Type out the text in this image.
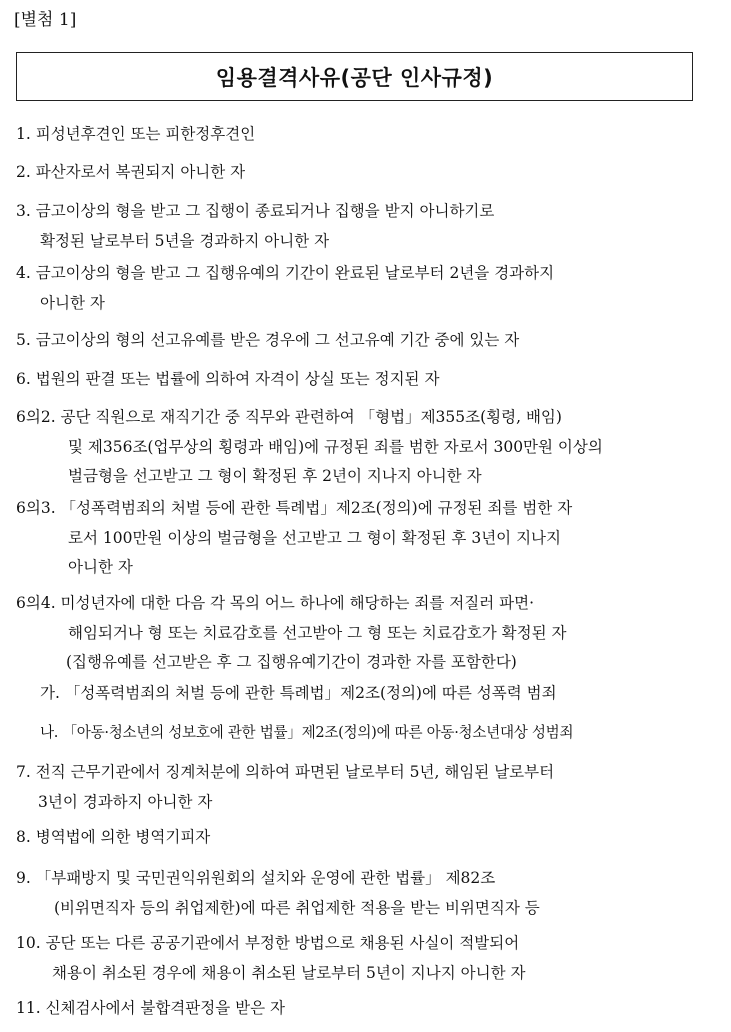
[별첨 1]
임용결격사유(공단 인사규정)
1. 피성년후견인 또는 피한정후견인
2. 파산자로서 복권되지 아니한 자
3. 금고이상의 형을 받고 그 집행이 종료되거나 집행을 받지 아니하기로
확정된 날로부터 5년을 경과하지 아니한 자
4. 금고이상의 형을 받고 그 집행유예의 기간이 완료된 날로부터 2년을 경과하지
아니한 자
5. 금고이상의 형의 선고유예를 받은 경우에 그 선고유예 기간 중에 있는 자
6. 법원의 판결 또는 법률에 의하여 자격이 상실 또는 정지된 자
6의2. 공단 직원으로 재직기간 중 직무와 관련하여 「형법」제355조(횡령, 배임)
및 제356조(업무상의 횡령과 배임)에 규정된 죄를 범한 자로서 300만원 이상의
벌금형을 선고받고 그 형이 확정된 후 2년이 지나지 아니한 자
6의3. 「성폭력범죄의 처벌 등에 관한 특례법」제2조(정의)에 규정된 죄를 범한 자
로서 100만원 이상의 벌금형을 선고받고 그 형이 확정된 후 3년이 지나지
아니한 자
6의4. 미성년자에 대한 다음 각 목의 어느 하나에 해당하는 죄를 저질러 파면·
해임되거나 형 또는 치료감호를 선고받아 그 형 또는 치료감호가 확정된 자
(집행유예를 선고받은 후 그 집행유예기간이 경과한 자를 포함한다)
가. 「성폭력범죄의 처벌 등에 관한 특례법」제2조(정의)에 따른 성폭력 범죄
나. 「아동·청소년의 성보호에 관한 법률」제2조(정의)에 따른 아동·청소년대상 성범죄
7. 전직 근무기관에서 징계처분에 의하여 파면된 날로부터 5년, 해임된 날로부터
3년이 경과하지 아니한 자
8. 병역법에 의한 병역기피자
9. 「부패방지 및 국민권익위원회의 설치와 운영에 관한 법률」 제82조
(비위면직자 등의 취업제한)에 따른 취업제한 적용을 받는 비위면직자 등
10. 공단 또는 다른 공공기관에서 부정한 방법으로 채용된 사실이 적발되어
채용이 취소된 경우에 채용이 취소된 날로부터 5년이 지나지 아니한 자
11. 신체검사에서 불합격판정을 받은 자
